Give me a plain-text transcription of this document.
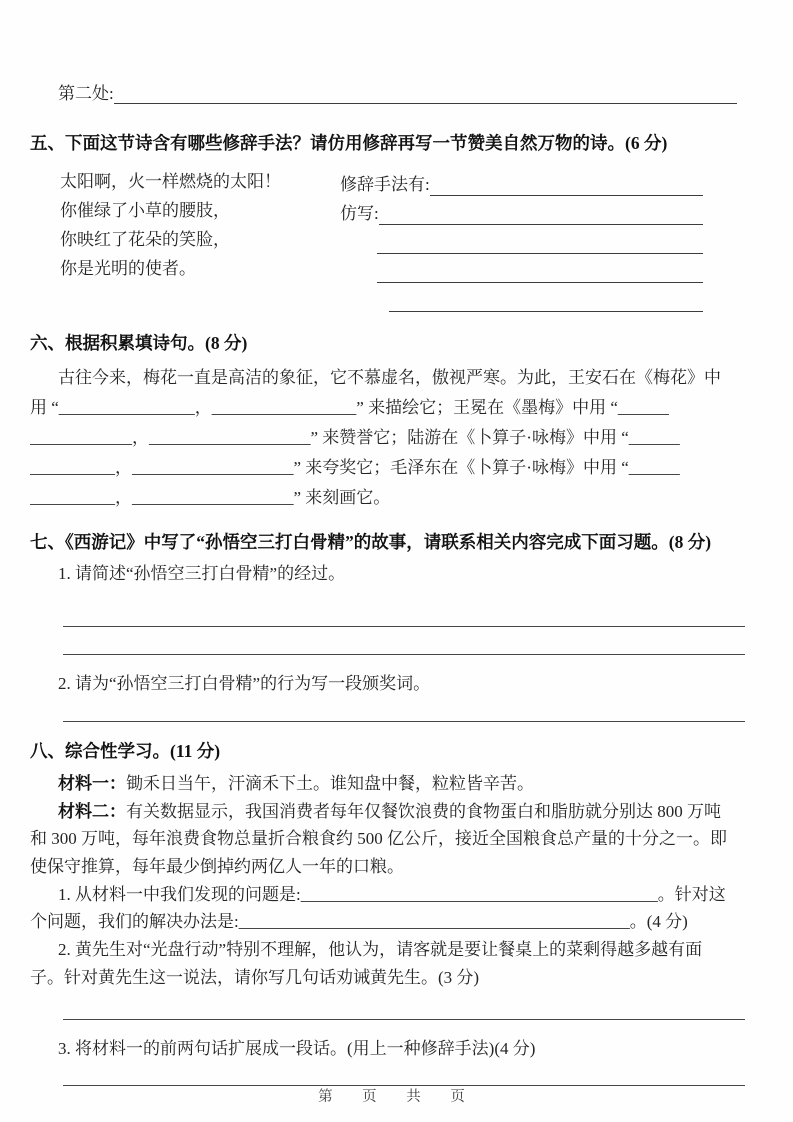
第二处:
五、下面这节诗含有哪些修辞手法？请仿用修辞再写一节赞美自然万物的诗。(6 分)
太阳啊，火一样燃烧的太阳！
你催绿了小草的腰肢，
你映红了花朵的笑脸，
你是光明的使者。
修辞手法有:
仿写:
六、根据积累填诗句。(8 分)
古往今来，梅花一直是高洁的象征，它不慕虚名，傲视严寒。为此，王安石在《梅花》中
用 “________________，_________________” 来描绘它；王冕在《墨梅》中用 “______
____________，___________________” 来赞誉它；陆游在《卜算子·咏梅》中用 “______
__________，___________________” 来夸奖它；毛泽东在《卜算子·咏梅》中用 “______
__________，___________________” 来刻画它。
七、《西游记》中写了“孙悟空三打白骨精”的故事，请联系相关内容完成下面习题。(8 分)
1. 请简述“孙悟空三打白骨精”的经过。
2. 请为“孙悟空三打白骨精”的行为写一段颁奖词。
八、综合性学习。(11 分)
材料一：锄禾日当午，汗滴禾下土。谁知盘中餐，粒粒皆辛苦。
材料二：有关数据显示，我国消费者每年仅餐饮浪费的食物蛋白和脂肪就分别达 800 万吨
和 300 万吨，每年浪费食物总量折合粮食约 500 亿公斤，接近全国粮食总产量的十分之一。即
使保守推算，每年最少倒掉约两亿人一年的口粮。
1. 从材料一中我们发现的问题是:__________________________________________。针对这
个问题，我们的解决办法是:______________________________________________。(4 分)
2. 黄先生对“光盘行动”特别不理解，他认为，请客就是要让餐桌上的菜剩得越多越有面
子。针对黄先生这一说法，请你写几句话劝诫黄先生。(3 分)
3. 将材料一的前两句话扩展成一段话。(用上一种修辞手法)(4 分)
第 页 共 页
